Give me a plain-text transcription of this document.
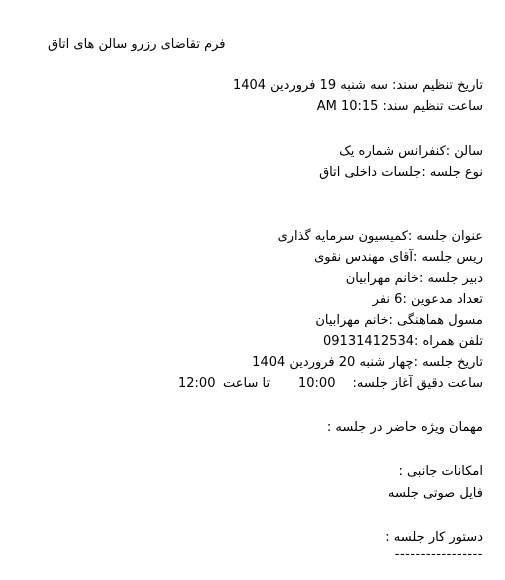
فرم تقاضای رزرو سالن های اتاق
تاریخ تنظیم سند: سه شنبه 19 فروردین 1404
ساعت تنظیم سند: AM 10:15
سالن :کنفرانس شماره یک
نوع جلسه :جلسات داخلی اتاق
عنوان جلسه :کمیسیون سرمایه گذاری
ریس جلسه :آقای مهندس نقوی
دبیر جلسه :خانم مهرابیان
تعداد مدعوین :6 نفر
مسول هماهنگی :خانم مهرابیان
تلفن همراه :09131412534
تاریخ جلسه :چهار شنبه 20 فروردین 1404
ساعت دقیق آغاز جلسه:
10:00
تا ساعت
12:00
مهمان ویژه حاضر در جلسه :
امکانات جانبی :
فایل صوتی جلسه
دستور کار جلسه :
-----------------
